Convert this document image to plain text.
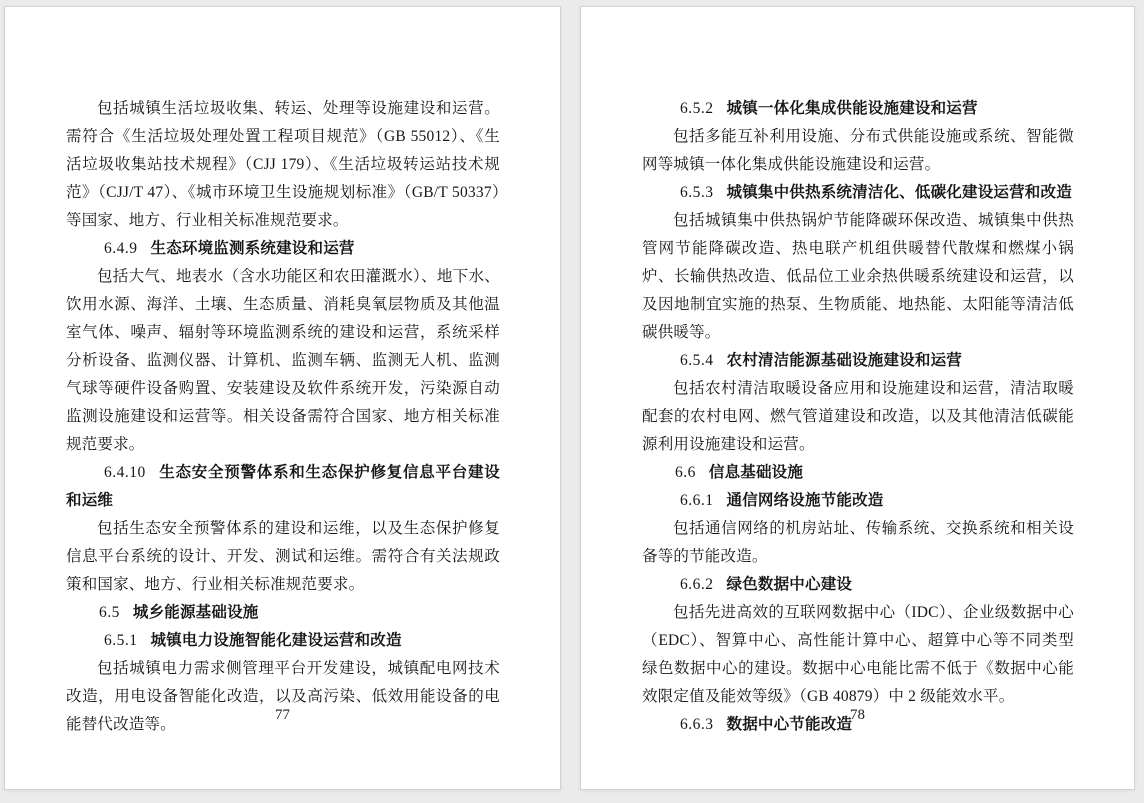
包括城镇生活垃圾收集、转运、处理等设施建设和运营。需符合《生活垃圾处理处置工程项目规范》（GB 55012）、《生活垃圾收集站技术规程》（CJJ 179）、《生活垃圾转运站技术规范》（CJJ/T 47）、《城市环境卫生设施规划标准》（GB/T 50337）等国家、地方、行业相关标准规范要求。

6.4.9 生态环境监测系统建设和运营

包括大气、地表水（含水功能区和农田灌溉水）、地下水、饮用水源、海洋、土壤、生态质量、消耗臭氧层物质及其他温室气体、噪声、辐射等环境监测系统的建设和运营，系统采样分析设备、监测仪器、计算机、监测车辆、监测无人机、监测气球等硬件设备购置、安装建设及软件系统开发，污染源自动监测设施建设和运营等。相关设备需符合国家、地方相关标准规范要求。

6.4.10 生态安全预警体系和生态保护修复信息平台建设和运维

包括生态安全预警体系的建设和运维，以及生态保护修复信息平台系统的设计、开发、测试和运维。需符合有关法规政策和国家、地方、行业相关标准规范要求。

6.5 城乡能源基础设施
6.5.1 城镇电力设施智能化建设运营和改造

包括城镇电力需求侧管理平台开发建设，城镇配电网技术改造，用电设备智能化改造，以及高污染、低效用能设备的电能替代改造等。

77
6.5.2 城镇一体化集成供能设施建设和运营

包括多能互补利用设施、分布式供能设施或系统、智能微网等城镇一体化集成供能设施建设和运营。

6.5.3 城镇集中供热系统清洁化、低碳化建设运营和改造

包括城镇集中供热锅炉节能降碳环保改造、城镇集中供热管网节能降碳改造、热电联产机组供暖替代散煤和燃煤小锅炉、长输供热改造、低品位工业余热供暖系统建设和运营，以及因地制宜实施的热泵、生物质能、地热能、太阳能等清洁低碳供暖等。

6.5.4 农村清洁能源基础设施建设和运营

包括农村清洁取暖设备应用和设施建设和运营，清洁取暖配套的农村电网、燃气管道建设和改造，以及其他清洁低碳能源利用设施建设和运营。

6.6 信息基础设施
6.6.1 通信网络设施节能改造

包括通信网络的机房站址、传输系统、交换系统和相关设备等的节能改造。

6.6.2 绿色数据中心建设

包括先进高效的互联网数据中心（IDC）、企业级数据中心（EDC）、智算中心、高性能计算中心、超算中心等不同类型绿色数据中心的建设。数据中心电能比需不低于《数据中心能效限定值及能效等级》（GB 40879）中 2 级能效水平。

6.6.3 数据中心节能改造
78
